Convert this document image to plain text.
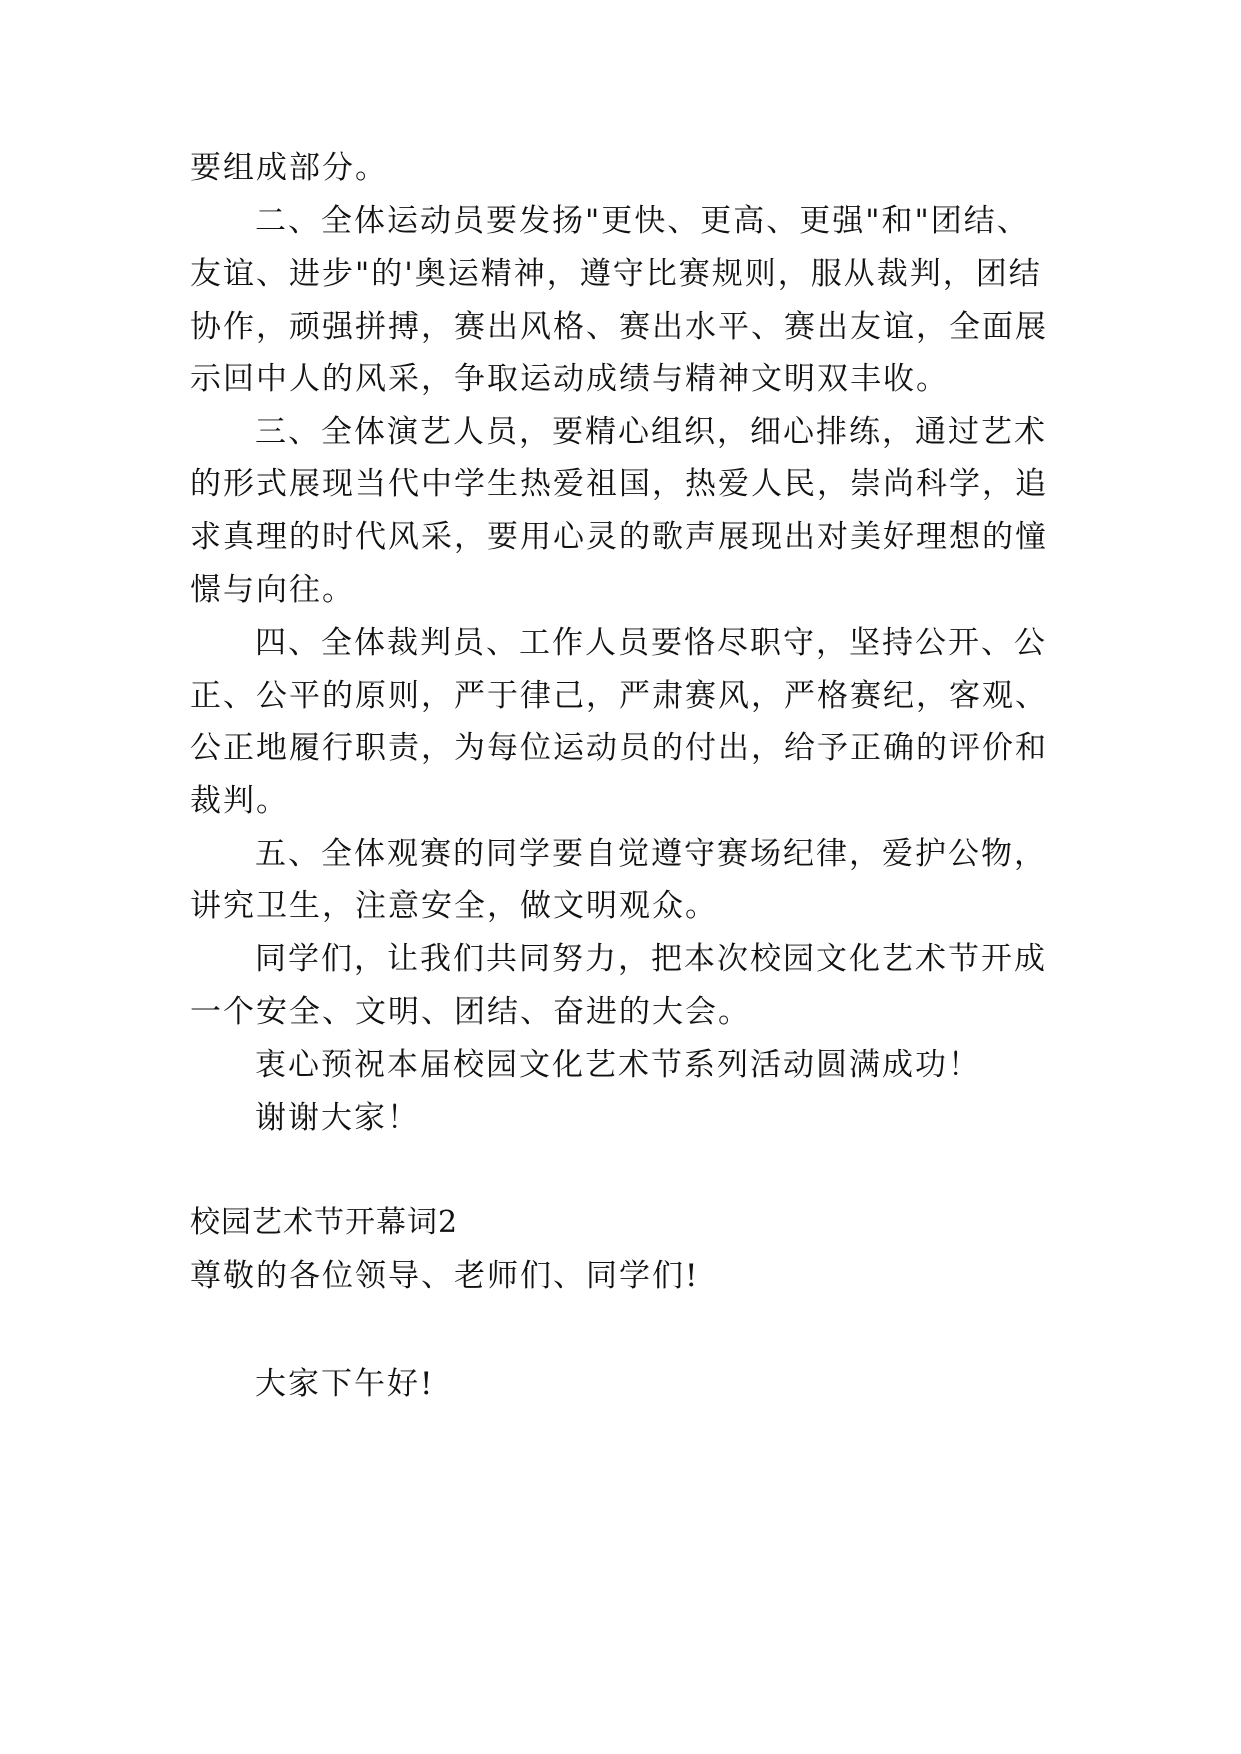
要组成部分。
二、全体运动员要发扬"更快、更高、更强"和"团结、
友谊、进步"的'奥运精神，遵守比赛规则，服从裁判，团结
协作，顽强拼搏，赛出风格、赛出水平、赛出友谊，全面展
示回中人的风采，争取运动成绩与精神文明双丰收。
三、全体演艺人员，要精心组织，细心排练，通过艺术
的形式展现当代中学生热爱祖国，热爱人民，崇尚科学，追
求真理的时代风采，要用心灵的歌声展现出对美好理想的憧
憬与向往。
四、全体裁判员、工作人员要恪尽职守，坚持公开、公
正、公平的原则，严于律己，严肃赛风，严格赛纪，客观、
公正地履行职责，为每位运动员的付出，给予正确的评价和
裁判。
五、全体观赛的同学要自觉遵守赛场纪律，爱护公物，
讲究卫生，注意安全，做文明观众。
同学们，让我们共同努力，把本次校园文化艺术节开成
一个安全、文明、团结、奋进的大会。
衷心预祝本届校园文化艺术节系列活动圆满成功！
谢谢大家！
校园艺术节开幕词2
尊敬的各位领导、老师们、同学们!
大家下午好!
